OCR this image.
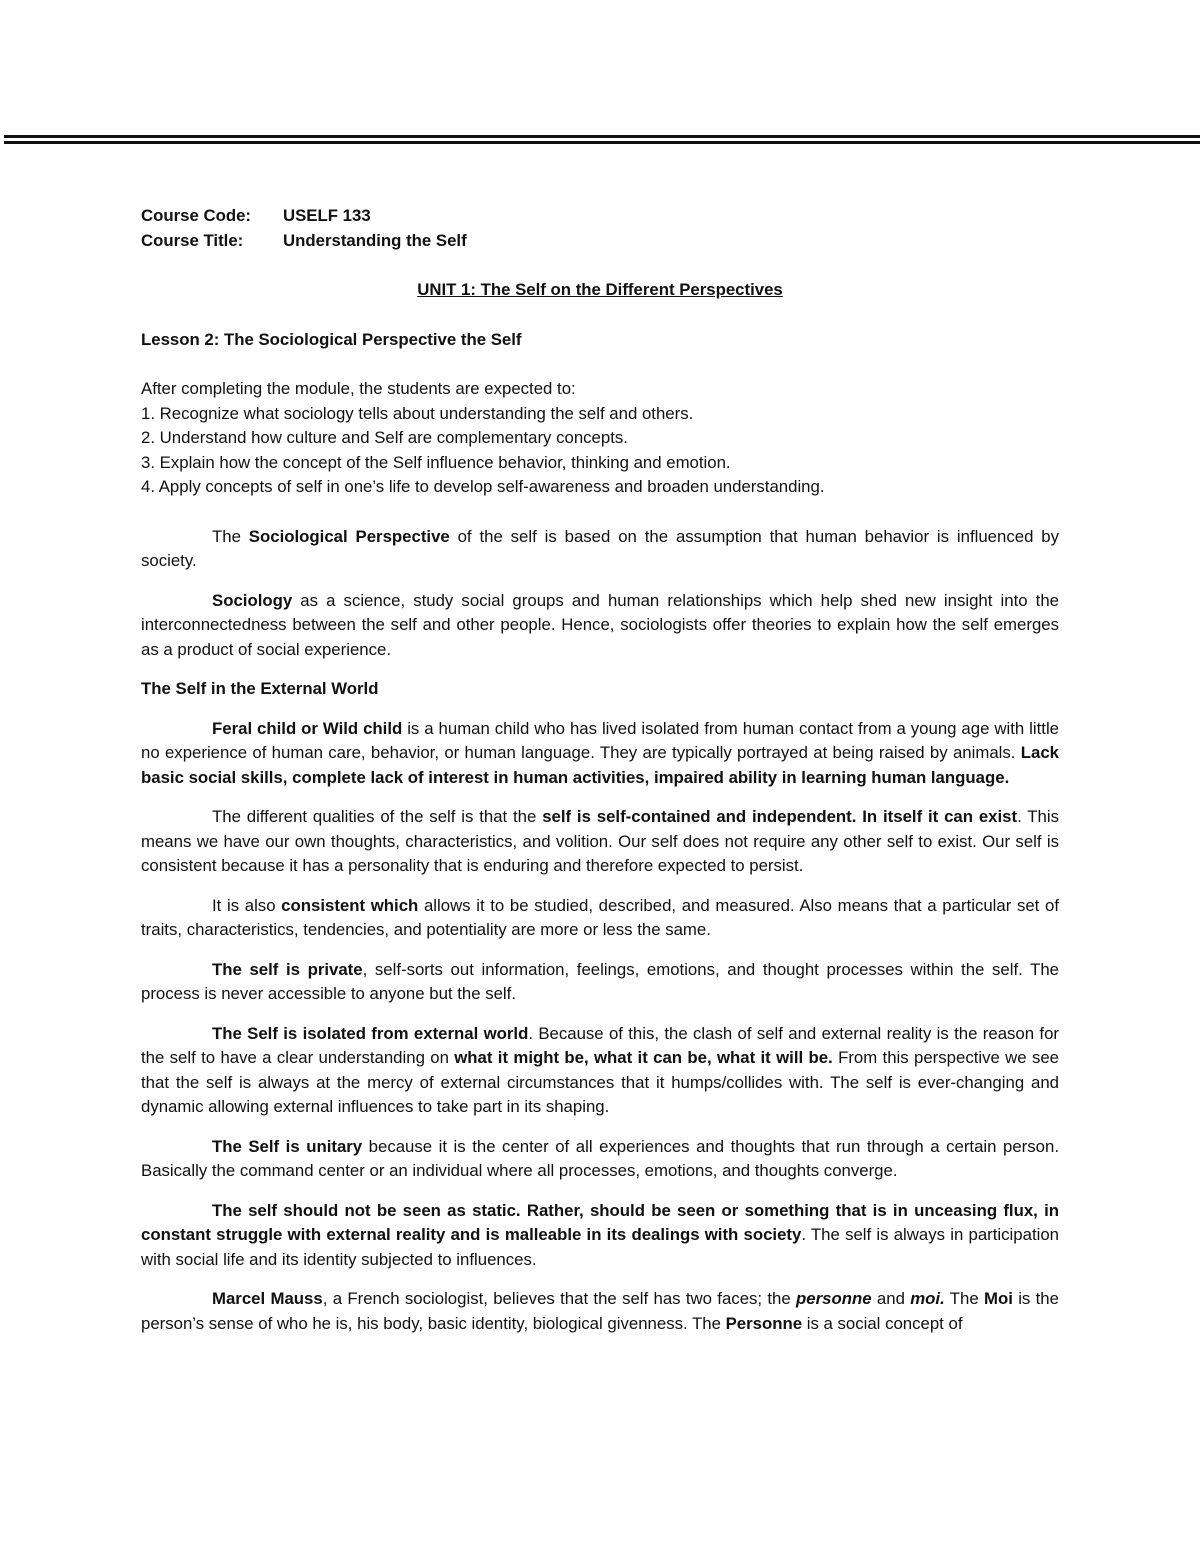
Course Code:	USELF 133
Course Title:	Understanding the Self
UNIT 1: The Self on the Different Perspectives
Lesson 2: The Sociological Perspective the Self
After completing the module, the students are expected to:
1. Recognize what sociology tells about understanding the self and others.
2. Understand how culture and Self are complementary concepts.
3. Explain how the concept of the Self influence behavior, thinking and emotion.
4. Apply concepts of self in one’s life to develop self-awareness and broaden understanding.

The Sociological Perspective of the self is based on the assumption that human behavior is influenced by society.

Sociology as a science, study social groups and human relationships which help shed new insight into the interconnectedness between the self and other people. Hence, sociologists offer theories to explain how the self emerges as a product of social experience.

The Self in the External World

Feral child or Wild child is a human child who has lived isolated from human contact from a young age with little no experience of human care, behavior, or human language. They are typically portrayed at being raised by animals. Lack basic social skills, complete lack of interest in human activities, impaired ability in learning human language.

The different qualities of the self is that the self is self-contained and independent. In itself it can exist. This means we have our own thoughts, characteristics, and volition. Our self does not require any other self to exist. Our self is consistent because it has a personality that is enduring and therefore expected to persist.

It is also consistent which allows it to be studied, described, and measured. Also means that a particular set of traits, characteristics, tendencies, and potentiality are more or less the same.

The self is private, self-sorts out information, feelings, emotions, and thought processes within the self. The process is never accessible to anyone but the self.

The Self is isolated from external world. Because of this, the clash of self and external reality is the reason for the self to have a clear understanding on what it might be, what it can be, what it will be. From this perspective we see that the self is always at the mercy of external circumstances that it humps/collides with. The self is ever-changing and dynamic allowing external influences to take part in its shaping.

The Self is unitary because it is the center of all experiences and thoughts that run through a certain person. Basically the command center or an individual where all processes, emotions, and thoughts converge.

The self should not be seen as static. Rather, should be seen or something that is in unceasing flux, in constant struggle with external reality and is malleable in its dealings with society. The self is always in participation with social life and its identity subjected to influences.

Marcel Mauss, a French sociologist, believes that the self has two faces; the personne and moi. The Moi is the person’s sense of who he is, his body, basic identity, biological givenness. The Personne is a social concept of
